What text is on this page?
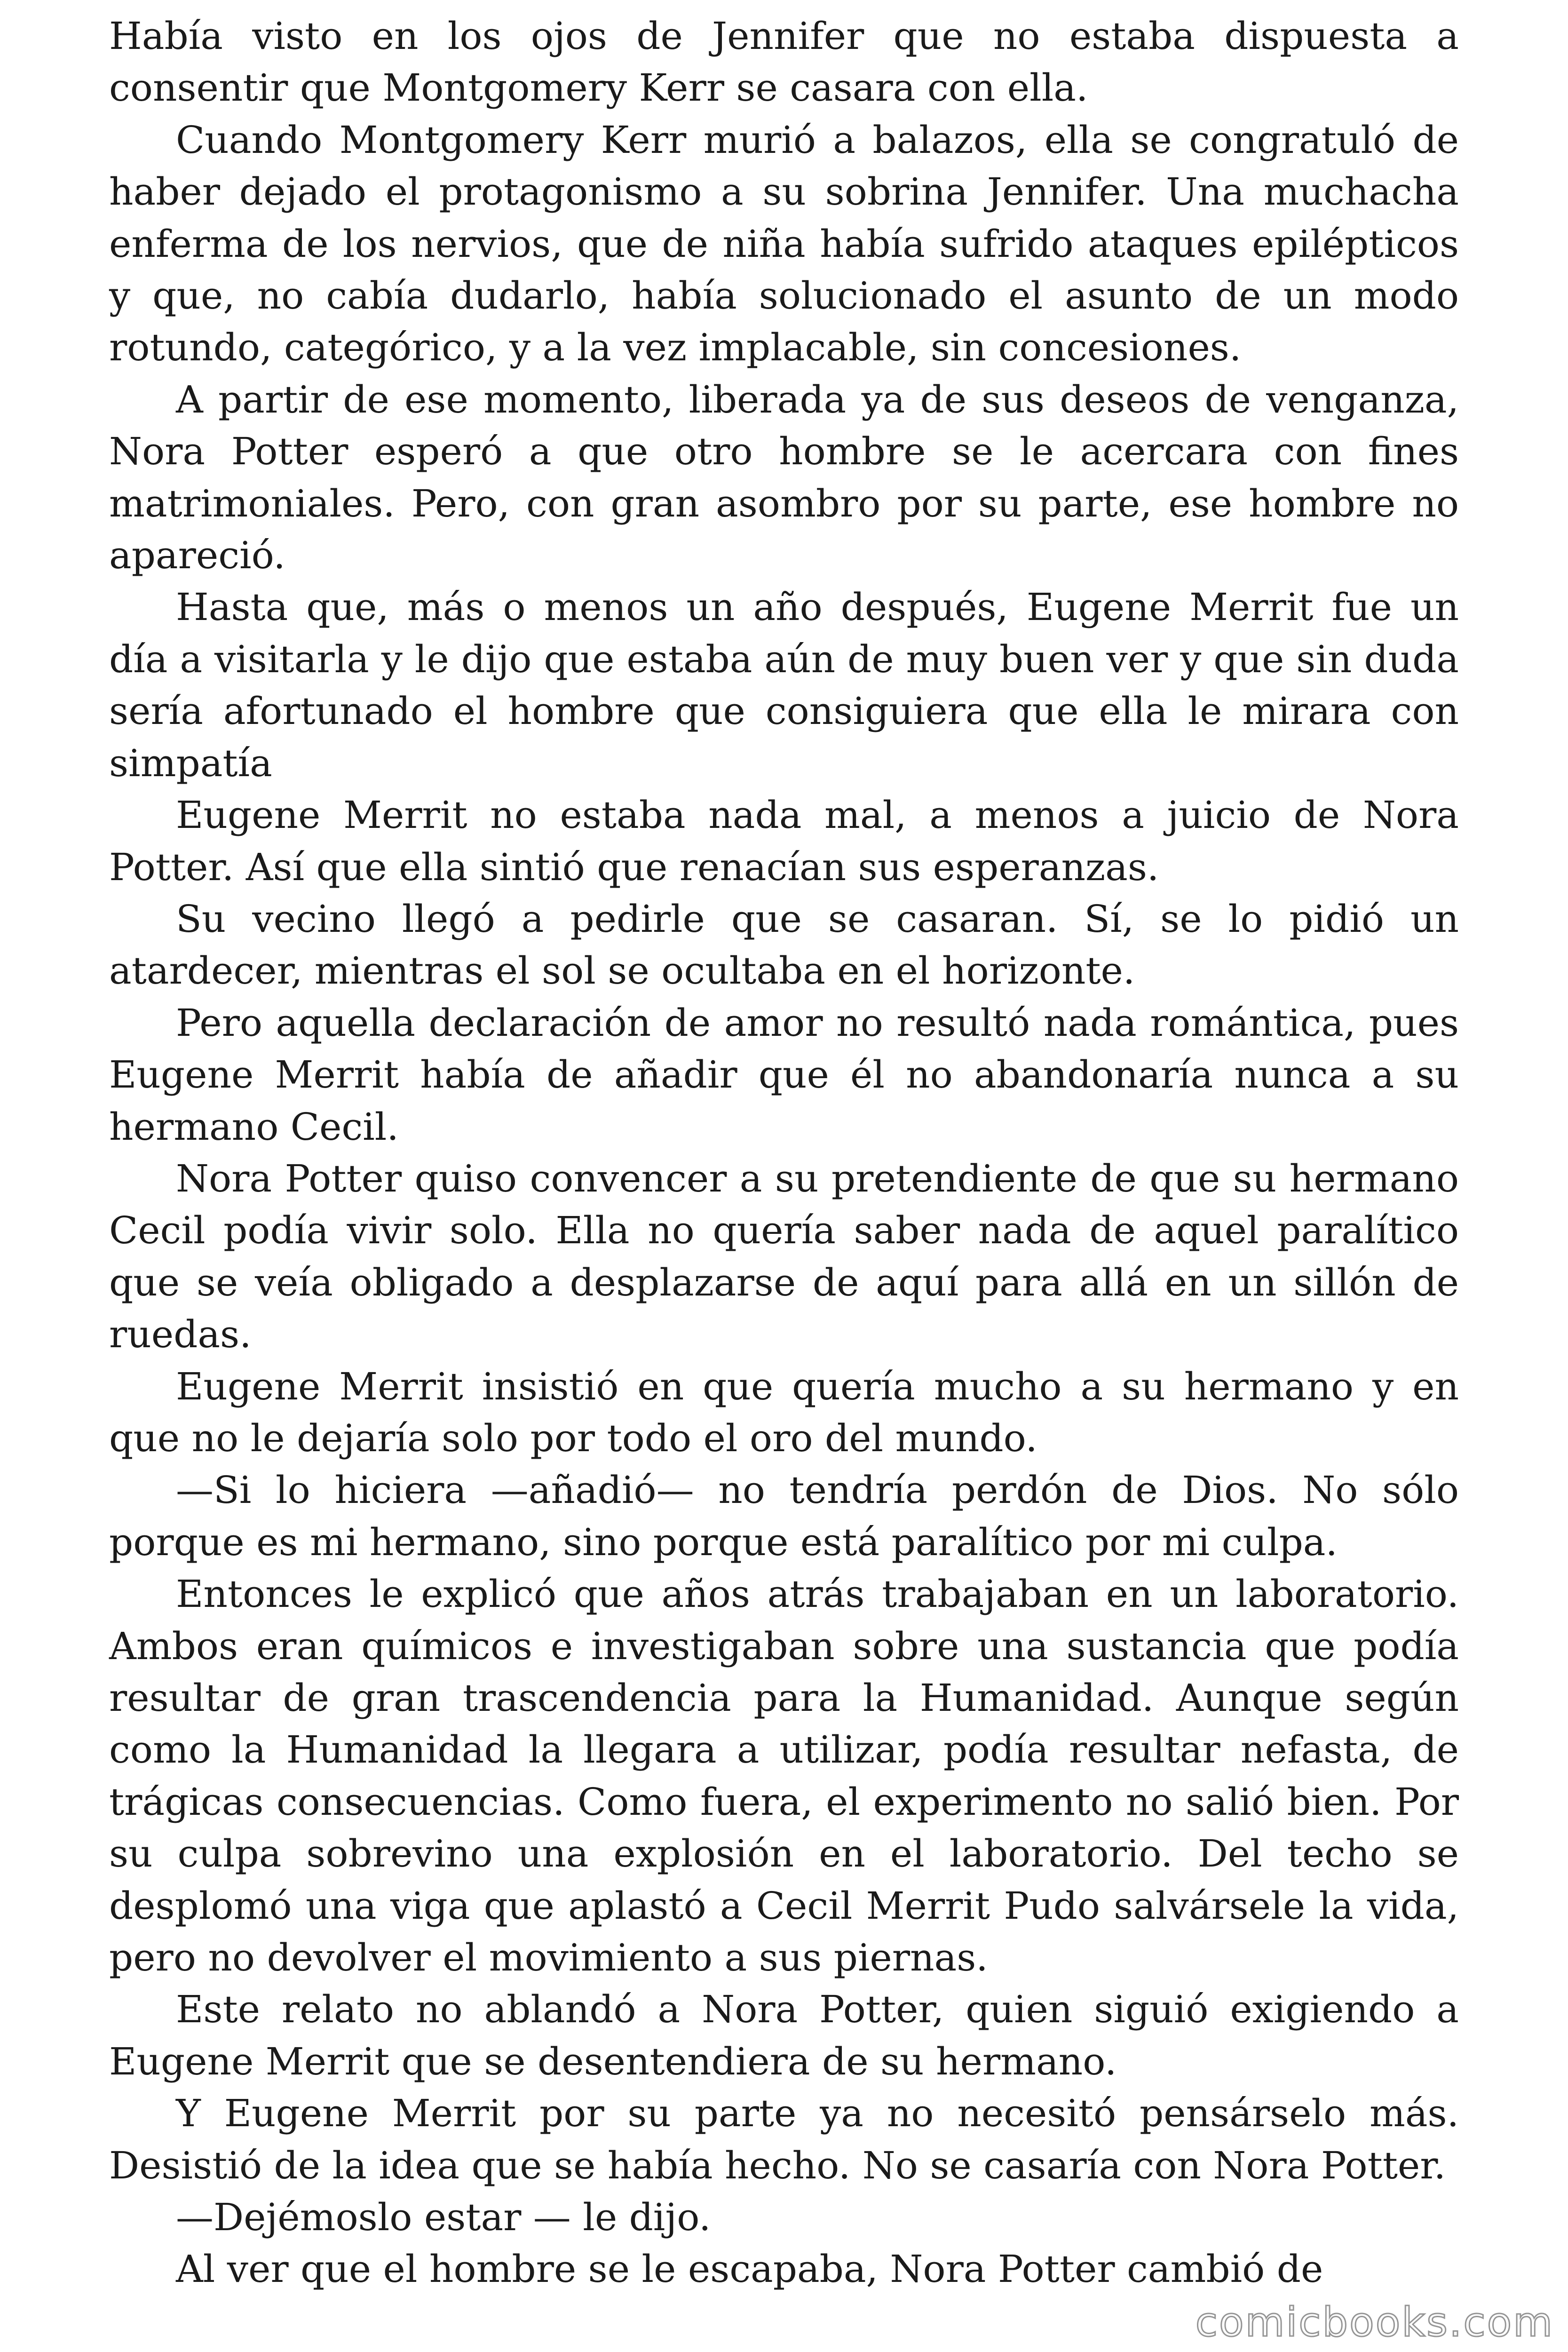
Había visto en los ojos de Jennifer que no estaba dispuesta a consentir que Montgomery Kerr se casara con ella.

Cuando Montgomery Kerr murió a balazos, ella se congratuló de haber dejado el protagonismo a su sobrina Jennifer. Una muchacha enferma de los nervios, que de niña había sufrido ataques epilépticos y que, no cabía dudarlo, había solucionado el asunto de un modo rotundo, categórico, y a la vez implacable, sin concesiones.

A partir de ese momento, liberada ya de sus deseos de venganza, Nora Potter esperó a que otro hombre se le acercara con fines matrimoniales. Pero, con gran asombro por su parte, ese hombre no apareció.

Hasta que, más o menos un año después, Eugene Merrit fue un día a visitarla y le dijo que estaba aún de muy buen ver y que sin duda sería afortunado el hombre que consiguiera que ella le mirara con simpatía

Eugene Merrit no estaba nada mal, a menos a juicio de Nora Potter. Así que ella sintió que renacían sus esperanzas.

Su vecino llegó a pedirle que se casaran. Sí, se lo pidió un atardecer, mientras el sol se ocultaba en el horizonte.

Pero aquella declaración de amor no resultó nada romántica, pues Eugene Merrit había de añadir que él no abandonaría nunca a su hermano Cecil.

Nora Potter quiso convencer a su pretendiente de que su hermano Cecil podía vivir solo. Ella no quería saber nada de aquel paralítico que se veía obligado a desplazarse de aquí para allá en un sillón de ruedas.

Eugene Merrit insistió en que quería mucho a su hermano y en que no le dejaría solo por todo el oro del mundo.

—Si lo hiciera —añadió— no tendría perdón de Dios. No sólo porque es mi hermano, sino porque está paralítico por mi culpa.

Entonces le explicó que años atrás trabajaban en un laboratorio. Ambos eran químicos e investigaban sobre una sustancia que podía resultar de gran trascendencia para la Humanidad. Aunque según como la Humanidad la llegara a utilizar, podía resultar nefasta, de trágicas consecuencias. Como fuera, el experimento no salió bien. Por su culpa sobrevino una explosión en el laboratorio. Del techo se desplomó una viga que aplastó a Cecil Merrit Pudo salvársele la vida, pero no devolver el movimiento a sus piernas.

Este relato no ablandó a Nora Potter, quien siguió exigiendo a Eugene Merrit que se desentendiera de su hermano.

Y Eugene Merrit por su parte ya no necesitó pensárselo más. Desistió de la idea que se había hecho. No se casaría con Nora Potter.

—Dejémoslo estar — le dijo.

Al ver que el hombre se le escapaba, Nora Potter cambió de

comicbooks.com
